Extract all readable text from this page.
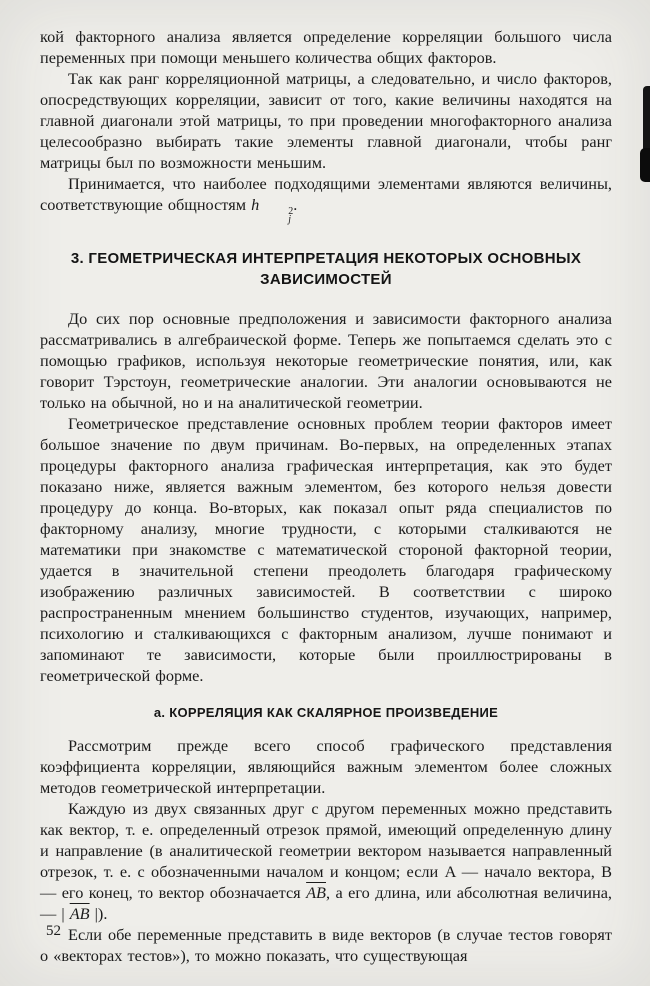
кой факторного анализа является определение корреляции большого числа переменных при помощи меньшего количества общих факторов.

Так как ранг корреляционной матрицы, а следовательно, и число факторов, опосредствующих корреляции, зависит от того, какие величины находятся на главной диагонали этой матрицы, то при проведении многофакторного анализа целесообразно выбирать такие элементы главной диагонали, чтобы ранг матрицы был по возможности меньшим.

Принимается, что наиболее подходящими элементами являются величины, соответствующие общностям h	2
j
.

3. ГЕОМЕТРИЧЕСКАЯ ИНТЕРПРЕТАЦИЯ НЕКОТОРЫХ ОСНОВНЫХ ЗАВИСИМОСТЕЙ

До сих пор основные предположения и зависимости факторного анализа рассматривались в алгебраической форме. Теперь же попытаемся сделать это с помощью графиков, используя некоторые геометрические понятия, или, как говорит Тэрстоун, геометрические аналогии. Эти аналогии основываются не только на обычной, но и на аналитической геометрии.

Геометрическое представление основных проблем теории факторов имеет большое значение по двум причинам. Во-первых, на определенных этапах процедуры факторного анализа графическая интерпретация, как это будет показано ниже, является важным элементом, без которого нельзя довести процедуру до конца. Во-вторых, как показал опыт ряда специалистов по факторному анализу, многие трудности, с которыми сталкиваются не математики при знакомстве с математической стороной факторной теории, удается в значительной степени преодолеть благодаря графическому изображению различных зависимостей. В соответствии с широко распространенным мнением большинство студентов, изучающих, например, психологию и сталкивающихся с факторным анализом, лучше понимают и запоминают те зависимости, которые были проиллюстрированы в геометрической форме.

а. КОРРЕЛЯЦИЯ КАК СКАЛЯРНОЕ ПРОИЗВЕДЕНИЕ

Рассмотрим прежде всего способ графического представления коэффициента корреляции, являющийся важным элементом более сложных методов геометрической интерпретации.

Каждую из двух связанных друг с другом переменных можно представить как вектор, т. е. определенный отрезок прямой, имеющий определенную длину и направление (в аналитической геометрии вектором называется направленный отрезок, т. е. с обозначенными началом и концом; если A — начало вектора, B — его конец, то вектор обозначается $\overline{AB}$, а его длина, или абсолютная величина, — | $\overline{AB}$ |).

Если обе переменные представить в виде векторов (в случае тестов говорят о «векторах тестов»), то можно показать, что существующая

52
